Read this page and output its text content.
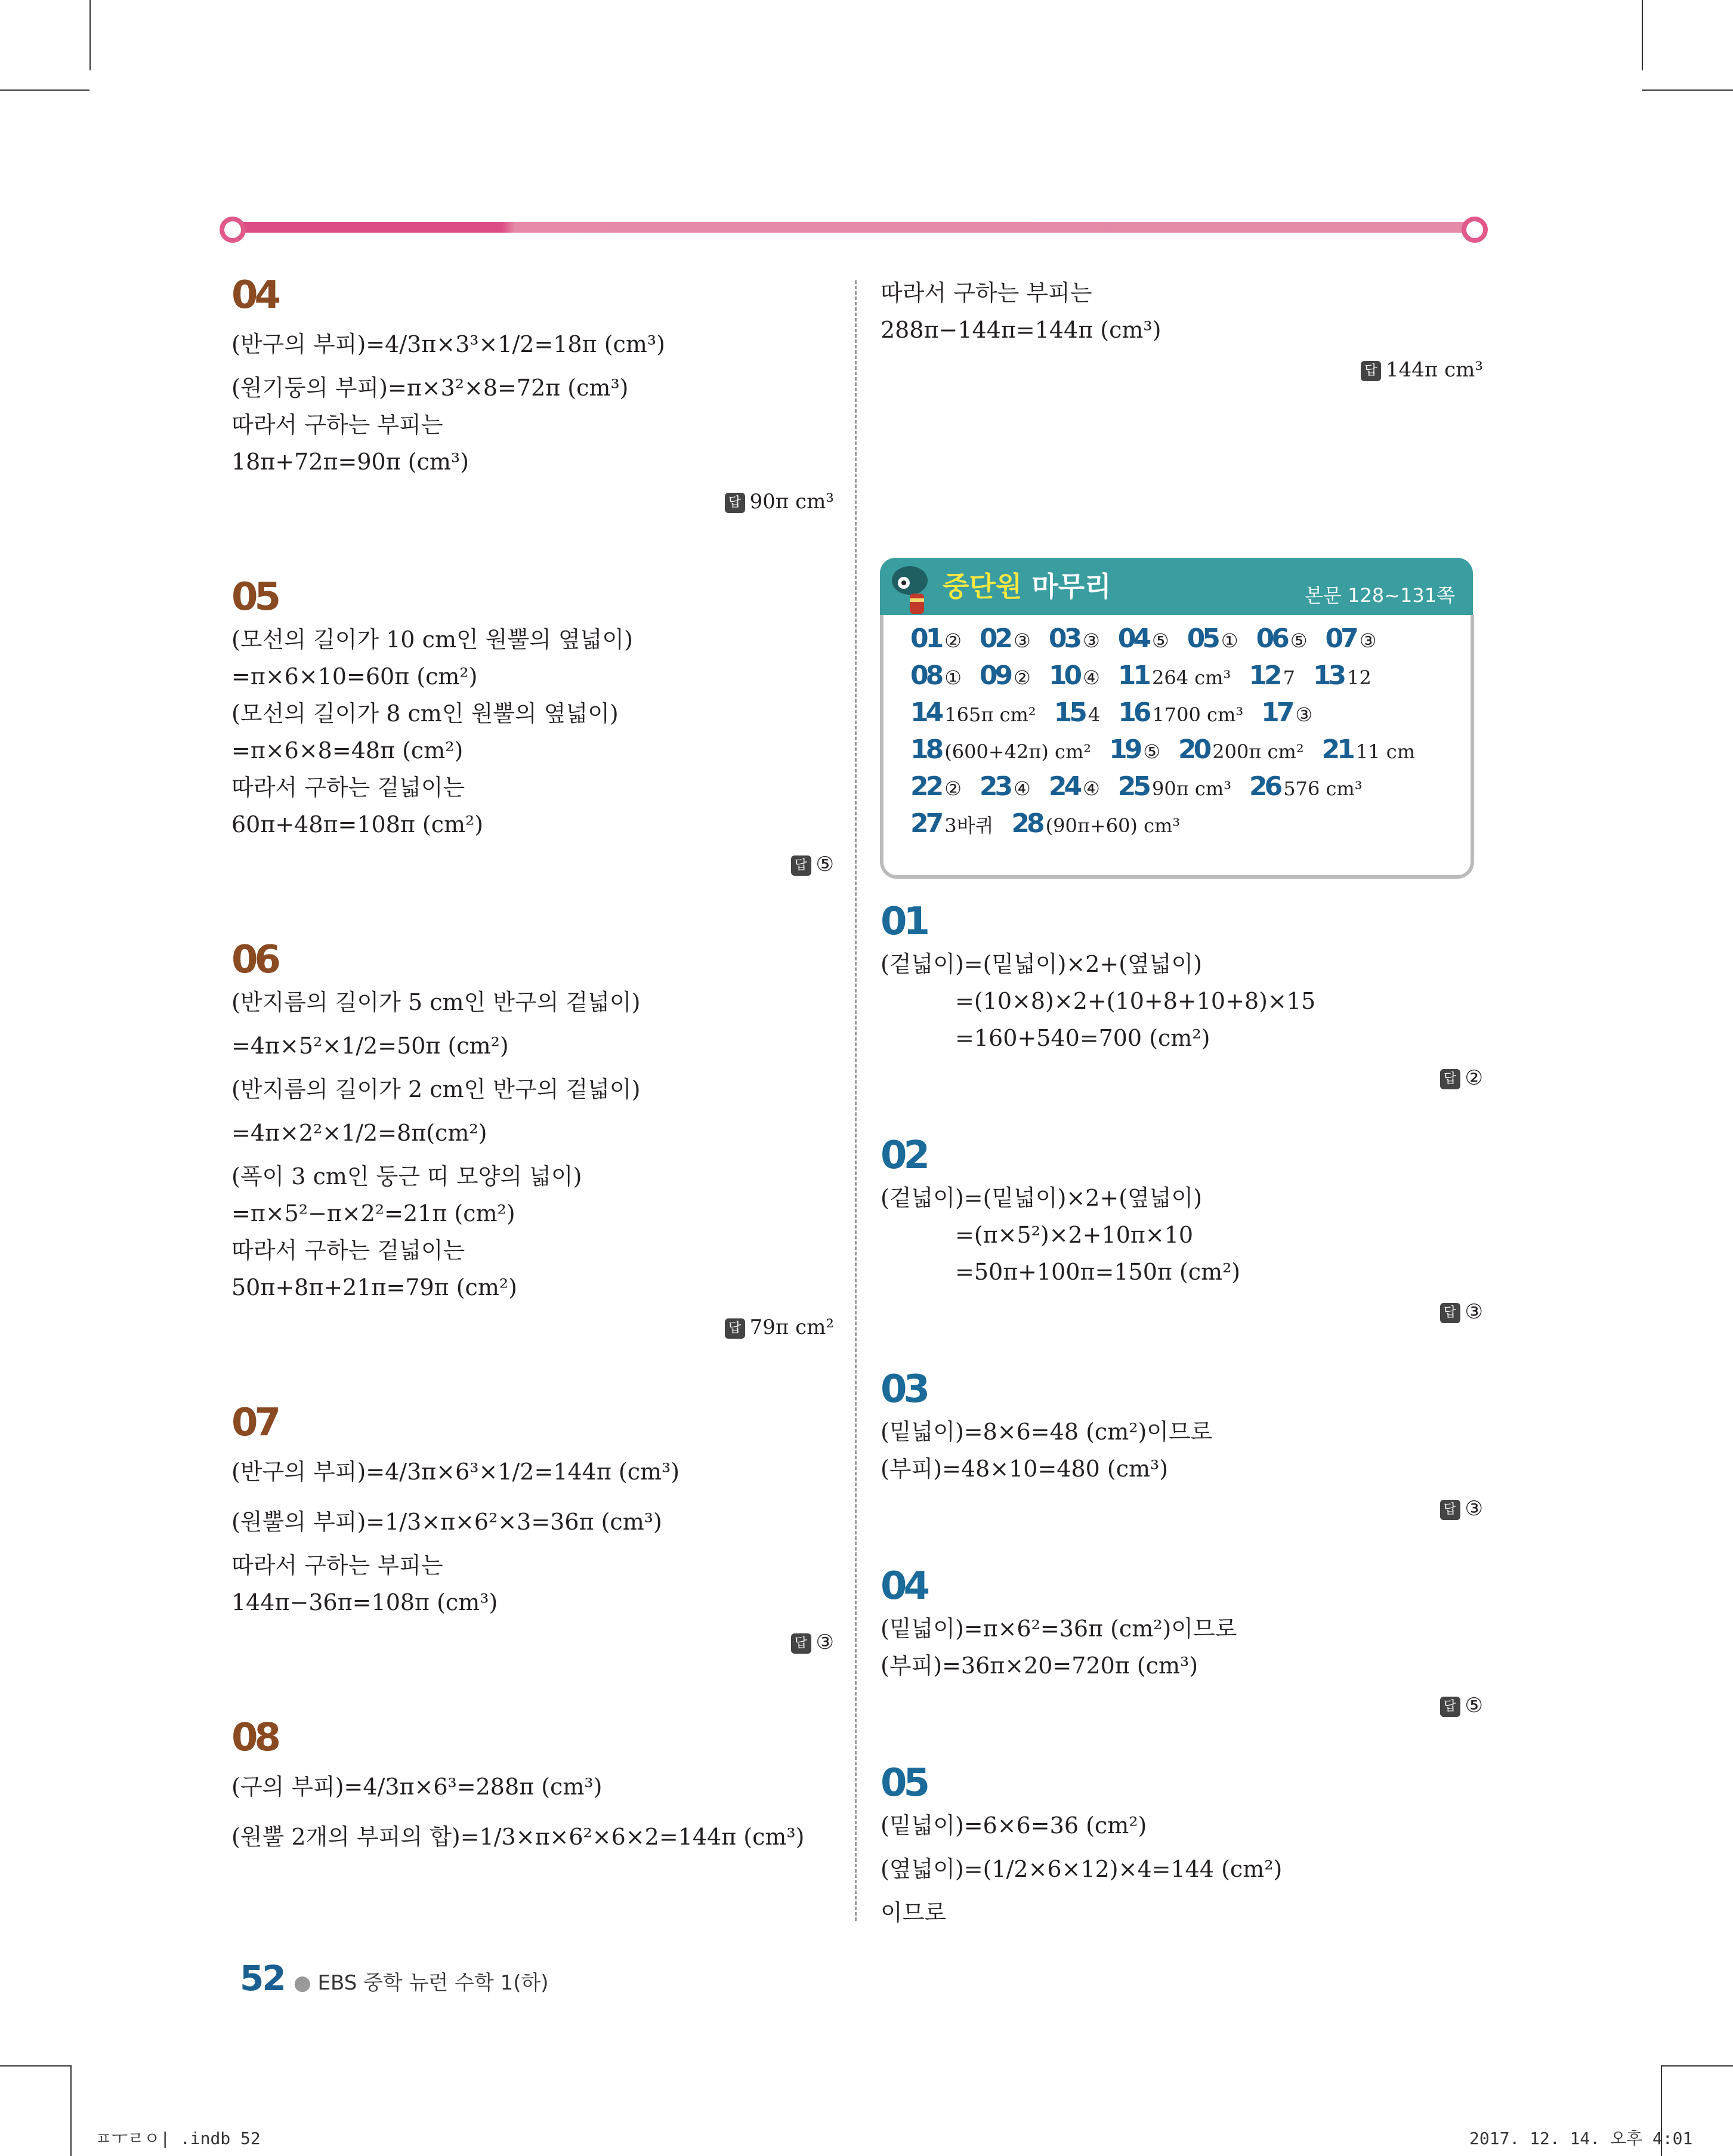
04
(반구의 부피)=4/3π×3³×1/2=18π (cm³)
(원기둥의 부피)=π×3²×8=72π (cm³)
따라서 구하는 부피는
18π+72π=90π (cm³)
답 90π cm³
05
(모선의 길이가 10 cm인 원뿔의 옆넓이)
=π×6×10=60π (cm²)
(모선의 길이가 8 cm인 원뿔의 옆넓이)
=π×6×8=48π (cm²)
따라서 구하는 겉넓이는
60π+48π=108π (cm²)
답 ⑤
06
(반지름의 길이가 5 cm인 반구의 겉넓이)
=4π×5²×1/2=50π (cm²)
(반지름의 길이가 2 cm인 반구의 겉넓이)
=4π×2²×1/2=8π(cm²)
(폭이 3 cm인 둥근 띠 모양의 넓이)
=π×5²−π×2²=21π (cm²)
따라서 구하는 겉넓이는
50π+8π+21π=79π (cm²)
답 79π cm²
07
(반구의 부피)=4/3π×6³×1/2=144π (cm³)
(원뿔의 부피)=1/3×π×6²×3=36π (cm³)
따라서 구하는 부피는
144π−36π=108π (cm³)
답 ③
08
(구의 부피)=4/3π×6³=288π (cm³)
(원뿔 2개의 부피의 합)=1/3×π×6²×6×2=144π (cm³)
따라서 구하는 부피는
288π−144π=144π (cm³)
답 144π cm³
중단원 마무리	본문 128~131쪽
01 ② 02 ③ 03 ③ 04 ⑤ 05 ① 06 ⑤ 07 ③
08 ① 09 ② 10 ④ 11 264 cm³ 12 7 13 12
14 165π cm² 15 4 16 1700 cm³ 17 ③
18 (600+42π) cm² 19 ⑤ 20 200π cm² 21 11 cm
22 ② 23 ④ 24 ④ 25 90π cm³ 26 576 cm³
27 3바퀴 28 (90π+60) cm³
01
(겉넓이)=(밑넓이)×2+(옆넓이)
=(10×8)×2+(10+8+10+8)×15
=160+540=700 (cm²)
답 ②
02
(겉넓이)=(밑넓이)×2+(옆넓이)
=(π×5²)×2+10π×10
=50π+100π=150π (cm²)
답 ③
03
(밑넓이)=8×6=48 (cm²)이므로
(부피)=48×10=480 (cm³)
답 ③
04
(밑넓이)=π×6²=36π (cm²)이므로
(부피)=36π×20=720π (cm³)
답 ⑤
05
(밑넓이)=6×6=36 (cm²)
(옆넓이)=(1/2×6×12)×4=144 (cm²)
이므로
52 ● EBS 중학 뉴런 수학 1(하)
ㅍㅜㄹㅇ| .indb 52	2017. 12. 14. 오후 4:01
